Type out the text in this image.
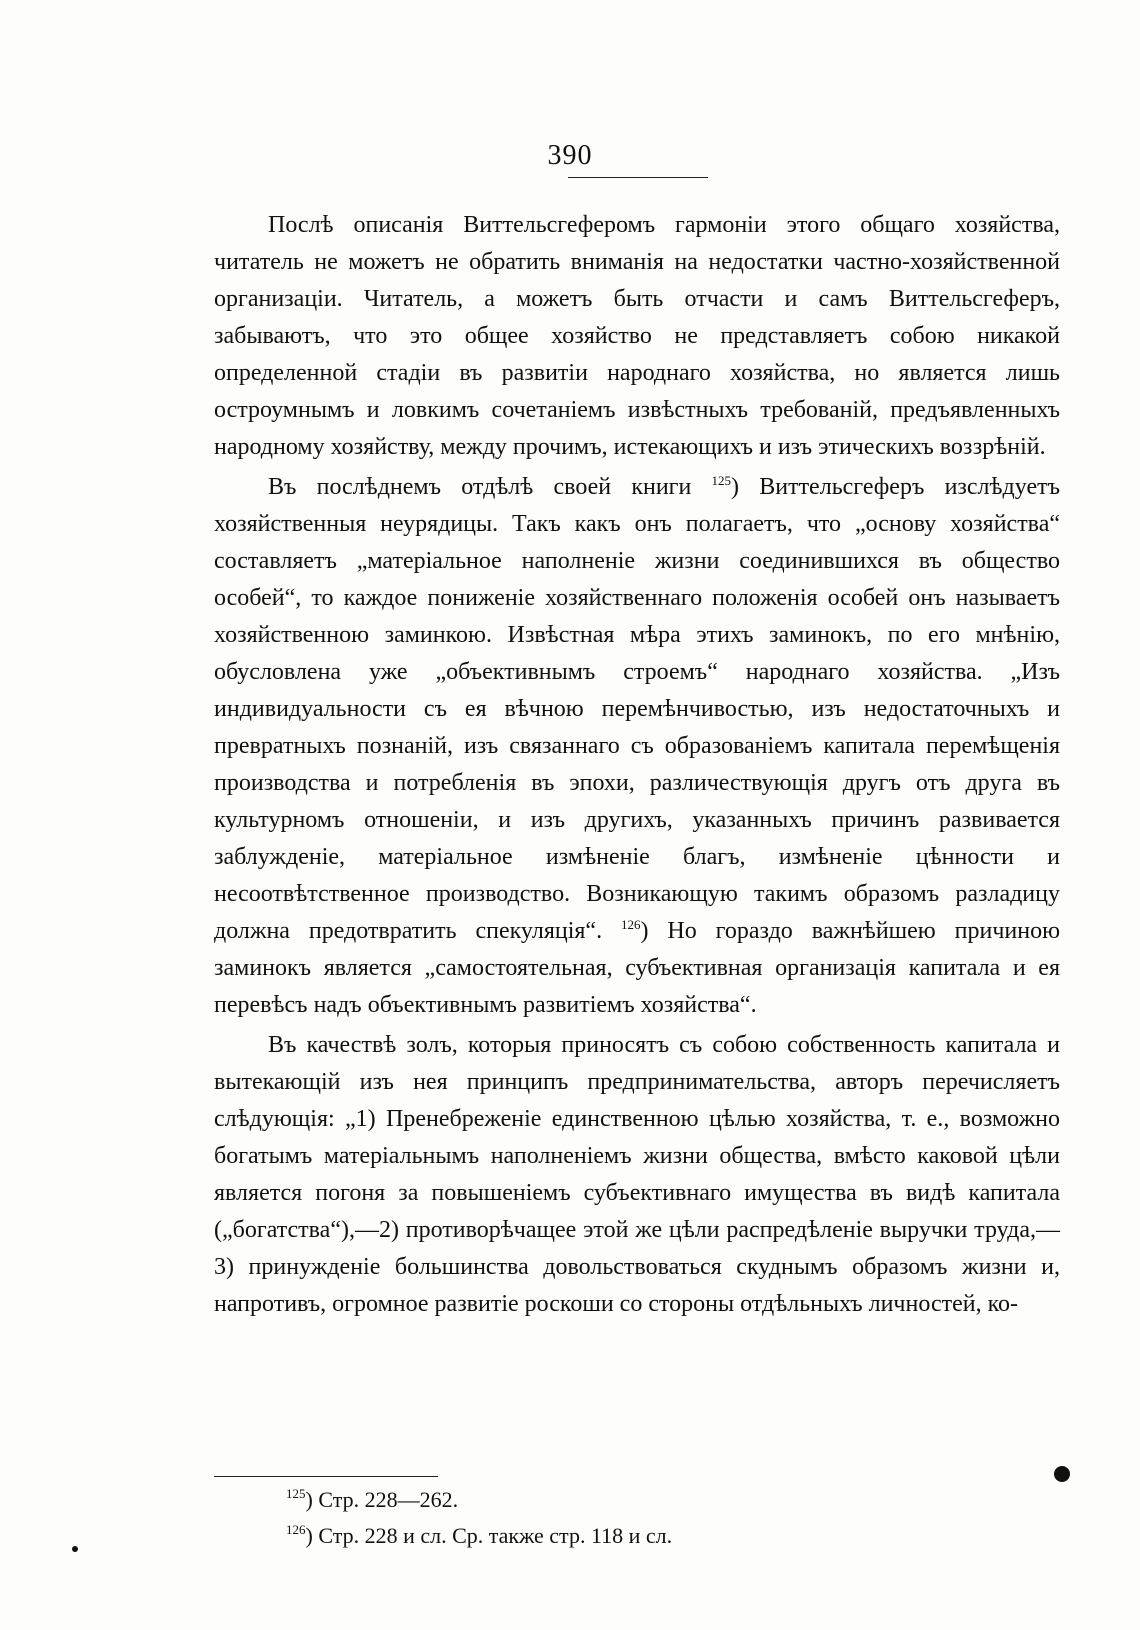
390

Послѣ описанія Виттельсгеферомъ гармоніи этого общаго хозяйства, читатель не можетъ не обратить вниманія на недостатки частно-хозяйственной организаціи. Читатель, а можетъ быть отчасти и самъ Виттельсгеферъ, забываютъ, что это общее хозяйство не представляетъ собою никакой определенной стадіи въ развитіи народнаго хозяйства, но является лишь остроумнымъ и ловкимъ сочетаніемъ извѣстныхъ требованій, предъявленныхъ народному хозяйству, между прочимъ, истекающихъ и изъ этическихъ воззрѣній.

Въ послѣднемъ отдѣлѣ своей книги $^{125}$) Виттельсгеферъ изслѣдуетъ хозяйственныя неурядицы. Такъ какъ онъ полагаетъ, что „основу хозяйства“ составляетъ „матеріальное наполненіе жизни соединившихся въ общество особей“, то каждое пониженіе хозяйственнаго положенія особей онъ называетъ хозяйственною заминкою. Извѣстная мѣра этихъ заминокъ, по его мнѣнію, обусловлена уже „объективнымъ строемъ“ народнаго хозяйства. „Изъ индивидуальности съ ея вѣчною перемѣнчивостью, изъ недостаточныхъ и превратныхъ познаній, изъ связаннаго съ образованіемъ капитала перемѣщенія производства и потребленія въ эпохи, различествующія другъ отъ друга въ культурномъ отношеніи, и изъ другихъ, указанныхъ причинъ развивается заблужденіе, матеріальное измѣненіе благъ, измѣненіе цѣнности и несоотвѣтственное производство. Возникающую такимъ образомъ разладицу должна предотвратить спекуляція“. $^{126}$) Но гораздо важнѣйшею причиною заминокъ является „самостоятельная, субъективная организація капитала и ея перевѣсъ надъ объективнымъ развитіемъ хозяйства“.

Въ качествѣ золъ, которыя приносятъ съ собою собственность капитала и вытекающій изъ нея принципъ предпринимательства, авторъ перечисляетъ слѣдующія: „1) Пренебреженіе единственною цѣлью хозяйства, т. е., возможно богатымъ матеріальнымъ наполненіемъ жизни общества, вмѣсто каковой цѣли является погоня за повышеніемъ субъективнаго имущества въ видѣ капитала („богатства“),—2) противорѣчащее этой же цѣли распредѣленіе выручки труда,—3) принужденіе большинства довольствоваться скуднымъ образомъ жизни и, напротивъ, огромное развитіе роскоши со стороны отдѣльныхъ личностей, ко-

$^{125}$) Стр. 228—262.
$^{126}$) Стр. 228 и сл. Ср. также стр. 118 и сл.
